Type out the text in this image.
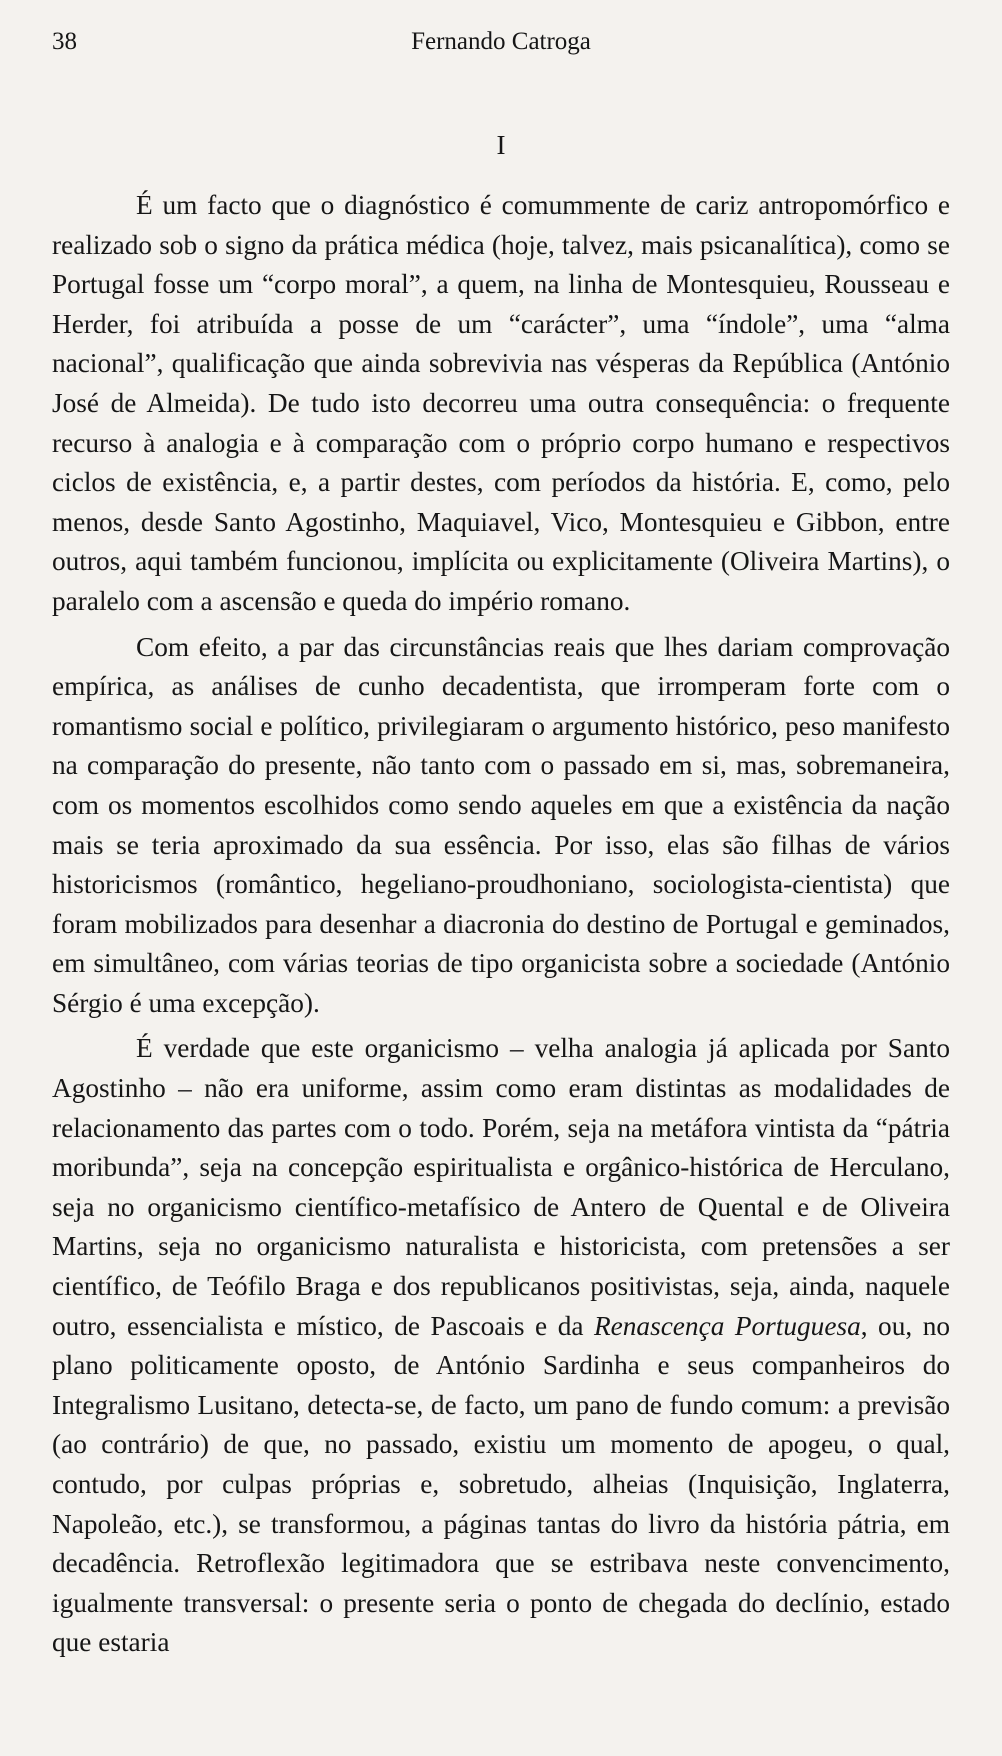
38	Fernando Catroga
I

É um facto que o diagnóstico é comummente de cariz antropomórfico e realizado sob o signo da prática médica (hoje, talvez, mais psicanalítica), como se Portugal fosse um “corpo moral”, a quem, na linha de Montesquieu, Rousseau e Herder, foi atribuída a posse de um “carácter”, uma “índole”, uma “alma nacional”, qualificação que ainda sobrevivia nas vésperas da República (António José de Almeida). De tudo isto decorreu uma outra consequência: o frequente recurso à analogia e à comparação com o próprio corpo humano e respectivos ciclos de existência, e, a partir destes, com períodos da história. E, como, pelo menos, desde Santo Agostinho, Maquiavel, Vico, Montesquieu e Gibbon, entre outros, aqui também funcionou, implícita ou explicitamente (Oliveira Martins), o paralelo com a ascensão e queda do império romano.

Com efeito, a par das circunstâncias reais que lhes dariam comprovação empírica, as análises de cunho decadentista, que irromperam forte com o romantismo social e político, privilegiaram o argumento histórico, peso manifesto na comparação do presente, não tanto com o passado em si, mas, sobremaneira, com os momentos escolhidos como sendo aqueles em que a existência da nação mais se teria aproximado da sua essência. Por isso, elas são filhas de vários historicismos (romântico, hegeliano-proudhoniano, sociologista-cientista) que foram mobilizados para desenhar a diacronia do destino de Portugal e geminados, em simultâneo, com várias teorias de tipo organicista sobre a sociedade (António Sérgio é uma excepção).

É verdade que este organicismo – velha analogia já aplicada por Santo Agostinho – não era uniforme, assim como eram distintas as modalidades de relacionamento das partes com o todo. Porém, seja na metáfora vintista da “pátria moribunda”, seja na concepção espiritualista e orgânico-histórica de Herculano, seja no organicismo científico-metafísico de Antero de Quental e de Oliveira Martins, seja no organicismo naturalista e historicista, com pretensões a ser científico, de Teófilo Braga e dos republicanos positivistas, seja, ainda, naquele outro, essencialista e místico, de Pascoais e da Renascença Portuguesa, ou, no plano politicamente oposto, de António Sardinha e seus companheiros do Integralismo Lusitano, detecta-se, de facto, um pano de fundo comum: a previsão (ao contrário) de que, no passado, existiu um momento de apogeu, o qual, contudo, por culpas próprias e, sobretudo, alheias (Inquisição, Inglaterra, Napoleão, etc.), se transformou, a páginas tantas do livro da história pátria, em decadência. Retroflexão legitimadora que se estribava neste convencimento, igualmente transversal: o presente seria o ponto de chegada do declínio, estado que estaria
